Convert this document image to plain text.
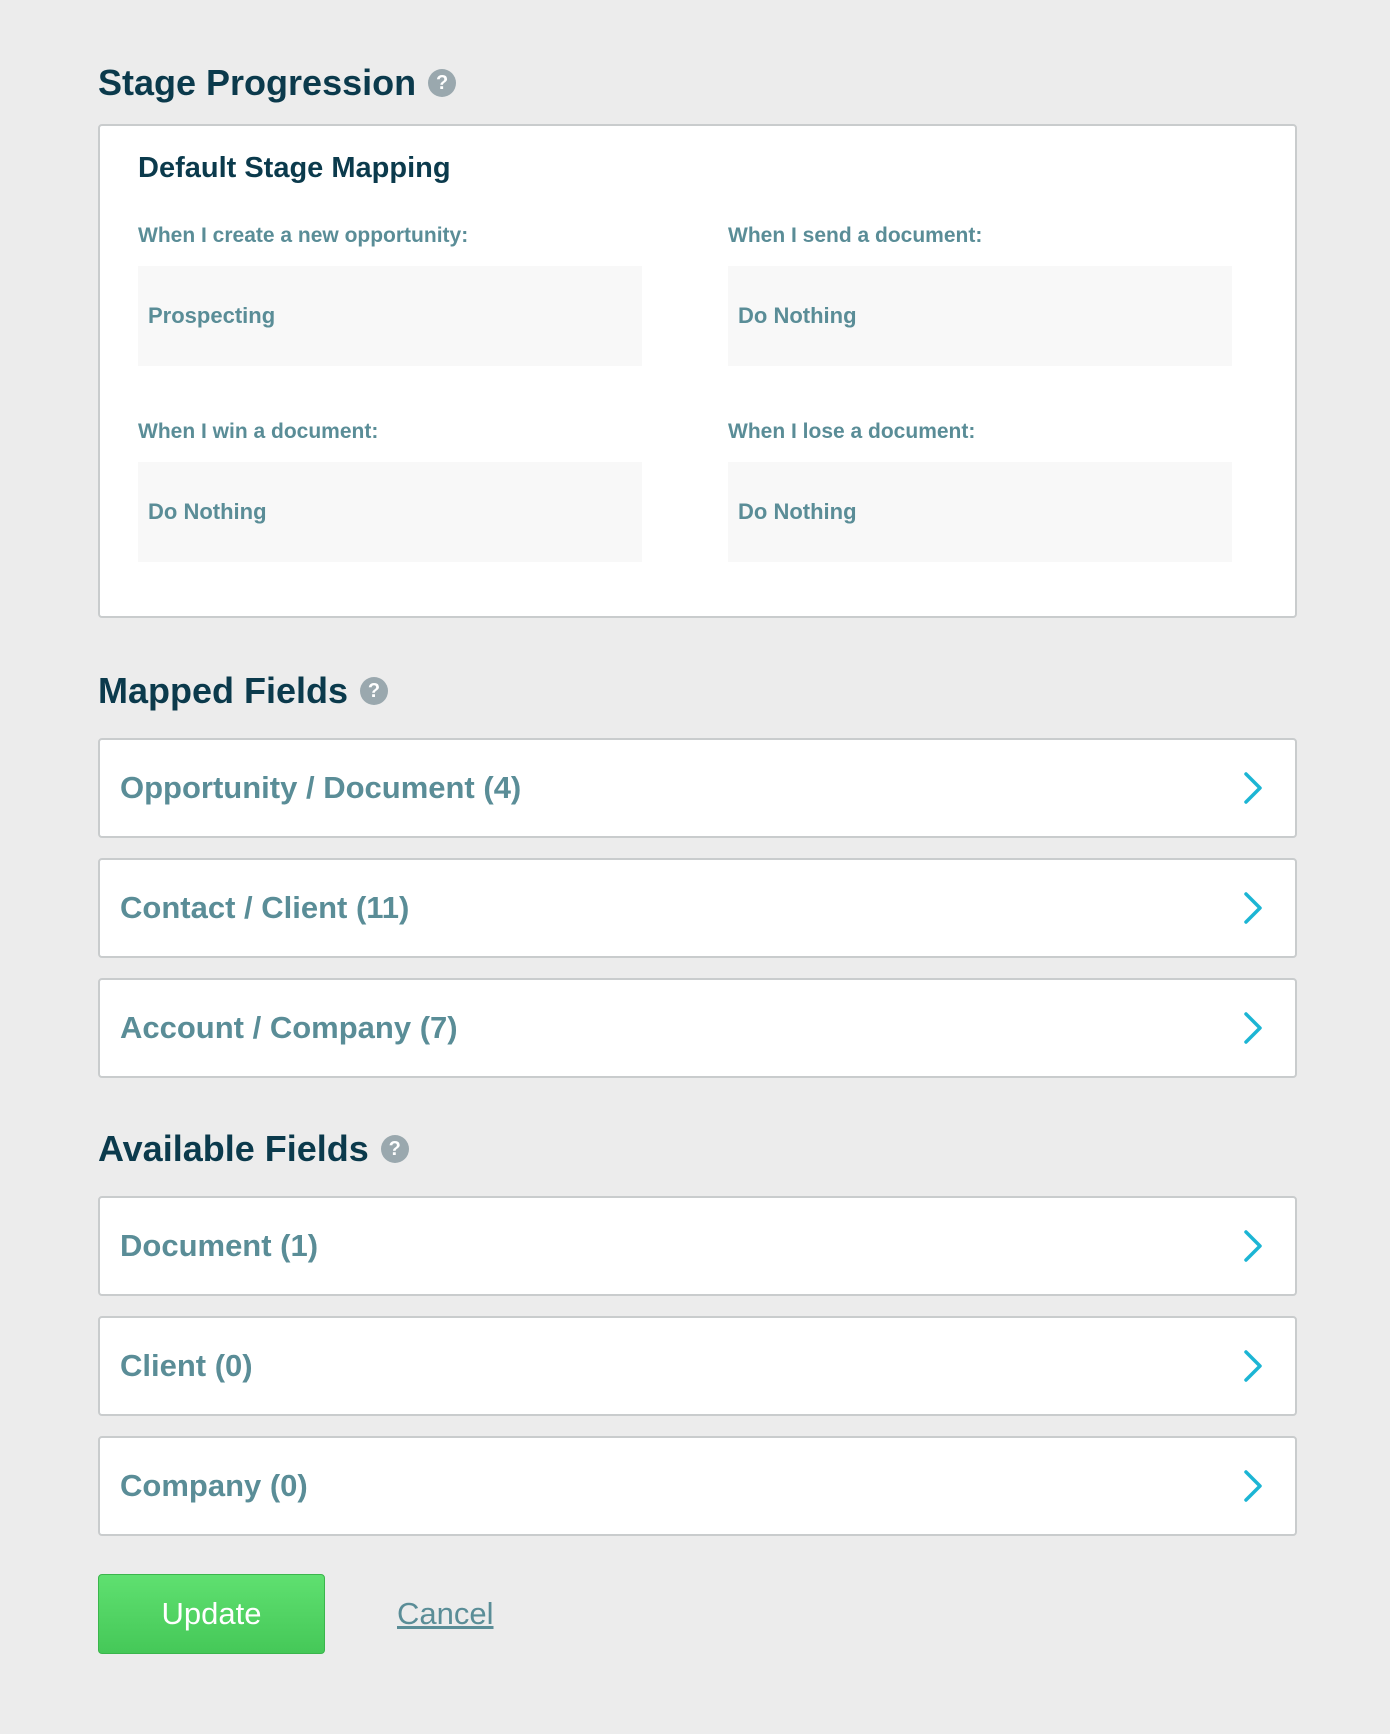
Stage Progression ?
Default Stage Mapping
When I create a new opportunity:
Prospecting
When I send a document:
Do Nothing
When I win a document:
Do Nothing
When I lose a document:
Do Nothing
Mapped Fields ?
Opportunity / Document (4)
Contact / Client (11)
Account / Company (7)
Available Fields ?
Document (1)
Client (0)
Company (0)
Update	Cancel
